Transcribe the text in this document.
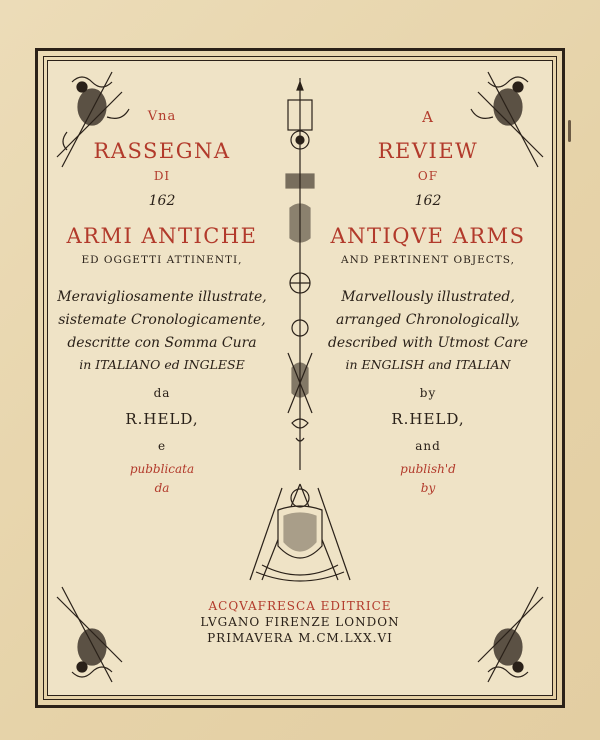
Vna
RASSEGNA
DI
162
ARMI ANTICHE
ED OGGETTI ATTINENTI,
Meravigliosamente illustrate,
sistemate Cronologicamente,
descritte con Somma Cura
in ITALIANO ed INGLESE
da
R.HELD,
e
pubblicata
da
A
REVIEW
OF
162
ANTIQVE ARMS
AND PERTINENT OBJECTS,
Marvellously illustrated,
arranged Chronologically,
described with Utmost Care
in ENGLISH and ITALIAN
by
R.HELD,
and
publish'd
by
ACQVAFRESCA EDITRICE
LVGANO FIRENZE LONDON
PRIMAVERA M.CM.LXX.VI
